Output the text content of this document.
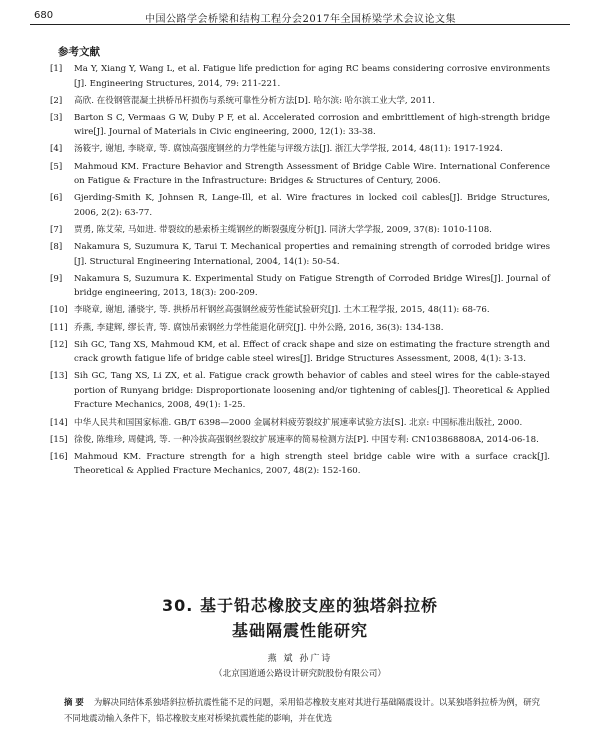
680	中国公路学会桥梁和结构工程分会2017年全国桥梁学术会议论文集
参考文献
[1] Ma Y, Xiang Y, Wang L, et al. Fatigue life prediction for aging RC beams considering corrosive environments [J]. Engineering Structures, 2014, 79: 211-221.
[2] 高欣. 在役钢管混凝土拱桥吊杆损伤与系统可靠性分析方法[D]. 哈尔滨: 哈尔滨工业大学, 2011.
[3] Barton S C, Vermaas G W, Duby P F, et al. Accelerated corrosion and embrittlement of high-strength bridge wire[J]. Journal of Materials in Civic engineering, 2000, 12(1): 33-38.
[4] 汤筱宇, 谢旭, 李晓章, 等. 腐蚀高强度钢丝的力学性能与评级方法[J]. 浙江大学学报, 2014, 48(11): 1917-1924.
[5] Mahmoud KM. Fracture Behavior and Strength Assessment of Bridge Cable Wire. International Conference on Fatigue & Fracture in the Infrastructure: Bridges & Structures of Century, 2006.
[6] Gjerding-Smith K, Johnsen R, Lange-Ill, et al. Wire fractures in locked coil cables[J]. Bridge Structures, 2006, 2(2): 63-77.
[7] 贾勇, 陈艾荣, 马如进. 带裂纹的悬索桥主缆钢丝的断裂强度分析[J]. 同济大学学报, 2009, 37(8): 1010-1108.
[8] Nakamura S, Suzumura K, Tarui T. Mechanical properties and remaining strength of corroded bridge wires [J]. Structural Engineering International, 2004, 14(1): 50-54.
[9] Nakamura S, Suzumura K. Experimental Study on Fatigue Strength of Corroded Bridge Wires[J]. Journal of bridge engineering, 2013, 18(3): 200-209.
[10] 李晓章, 谢旭, 潘骁宇, 等. 拱桥吊杆钢丝高强钢丝疲劳性能试验研究[J]. 土木工程学报, 2015, 48(11): 68-76.
[11] 乔燕, 李建辉, 缪长青, 等. 腐蚀吊索钢丝力学性能退化研究[J]. 中外公路, 2016, 36(3): 134-138.
[12] Sih GC, Tang XS, Mahmoud KM, et al. Effect of crack shape and size on estimating the fracture strength and crack growth fatigue life of bridge cable steel wires[J]. Bridge Structures Assessment, 2008, 4(1): 3-13.
[13] Sih GC, Tang XS, Li ZX, et al. Fatigue crack growth behavior of cables and steel wires for the cable-stayed portion of Runyang bridge: Disproportionate loosening and/or tightening of cables[J]. Theoretical & Applied Fracture Mechanics, 2008, 49(1): 1-25.
[14] 中华人民共和国国家标准. GB/T 6398—2000 金属材料疲劳裂纹扩展速率试验方法[S]. 北京: 中国标准出版社, 2000.
[15] 徐俊, 陈维珍, 周健鸿, 等. 一种冷拔高强钢丝裂纹扩展速率的简易检测方法[P]. 中国专利: CN103868808A, 2014-06-18.
[16] Mahmoud KM. Fracture strength for a high strength steel bridge cable wire with a surface crack[J]. Theoretical & Applied Fracture Mechanics, 2007, 48(2): 152-160.
30. 基于铅芯橡胶支座的独塔斜拉桥
基础隔震性能研究
燕 斌 孙广诗
（北京国道通公路设计研究院股份有限公司）
摘 要 为解决同结体系独塔斜拉桥抗震性能不足的问题，采用铅芯橡胶支座对其进行基础隔震设计。以某独塔斜拉桥为例，研究不同地震动输入条件下，铅芯橡胶支座对桥梁抗震性能的影响，并在优选
